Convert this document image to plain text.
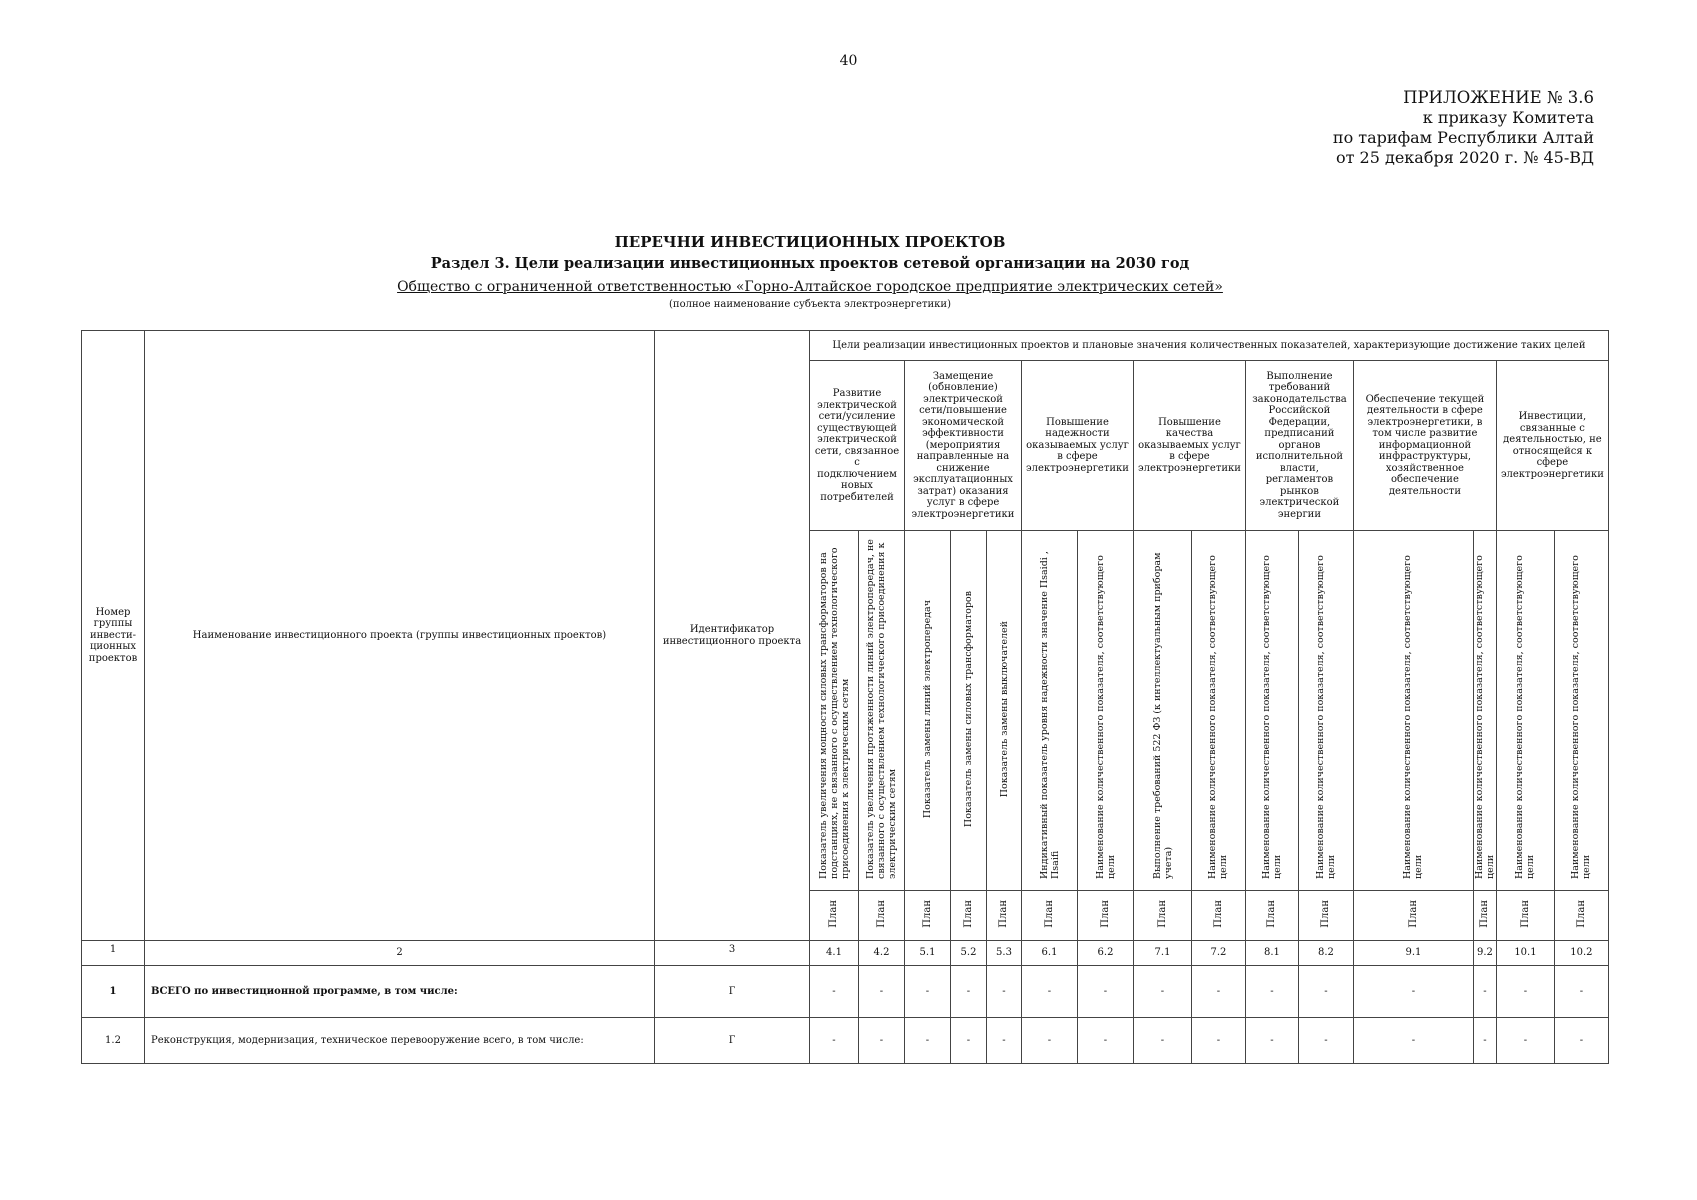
40
ПРИЛОЖЕНИЕ № 3.6
к приказу Комитета
по тарифам Республики Алтай
от 25 декабря 2020 г. № 45-ВД
ПЕРЕЧНИ ИНВЕСТИЦИОННЫХ ПРОЕКТОВ
Раздел 3. Цели реализации инвестиционных проектов сетевой организации на 2030 год
Общество с ограниченной ответственностью «Горно-Алтайское городское предприятие электрических сетей»
(полное наименование субъекта электроэнергетики)
Номер группы инвести-ционных проектов	Наименование инвестиционного проекта (группы инвестиционных проектов)	Идентификатор инвестиционного проекта	Цели реализации инвестиционных проектов и плановые значения количественных показателей, характеризующие достижение таких целей														
			Развитие электрической сети/усиление существующей электрической сети, связанное с подключением новых потребителей		Замещение (обновление) электрической сети/повышение экономической эффективности (мероприятия направленные на снижение эксплуатационных затрат) оказания услуг в сфере электроэнергетики			Повышение надежности оказываемых услуг в сфере электроэнергетики		Повышение качества оказываемых услуг в сфере электроэнергетики		Выполнение требований законодательства Российской Федерации, предписаний органов исполнительной власти, регламентов рынков электрической энергии		Обеспечение текущей деятельности в сфере электроэнергетики, в том числе развитие информационной инфраструктуры, хозяйственное обеспечение деятельности		Инвестиции, связанные с деятельностью, не относящейся к сфере электроэнергетики	
			Показатель увеличения мощности силовых трансформаторов на подстанциях, не связанного с осуществлением технологического присоединения к электрическим сетям	Показатель увеличения протяженности линий электропередач, не связанного с осуществлением технологического присоединения к электрическим сетям	Показатель замены линий электропередач	Показатель замены силовых трансформаторов	Показатель замены выключателей	Индикативный показатель уровня надежности значение Пsaidi , Пsaifi	Наименование количественного показателя, соответствующего цели	Выполнение требований 522 ФЗ (к интеллектуальным приборам учета)	Наименование количественного показателя, соответствующего цели	Наименование количественного показателя, соответствующего цели	Наименование количественного показателя, соответствующего цели	Наименование количественного показателя, соответствующего цели	Наименование количественного показателя, соответствующего цели	Наименование количественного показателя, соответствующего цели	Наименование количественного показателя, соответствующего цели
			План	План	План	План	План	План	План	План	План	План	План	План	План	План	План
1	2	3	4.1	4.2	5.1	5.2	5.3	6.1	6.2	7.1	7.2	8.1	8.2	9.1	9.2	10.1	10.2
1	ВСЕГО по инвестиционной программе, в том числе:	Г	-	-	-	-	-	-	-	-	-	-	-	-	-	-	-
1.2	Реконструкция, модернизация, техническое перевооружение всего, в том числе:	Г	-	-	-	-	-	-	-	-	-	-	-	-	-	-	-
